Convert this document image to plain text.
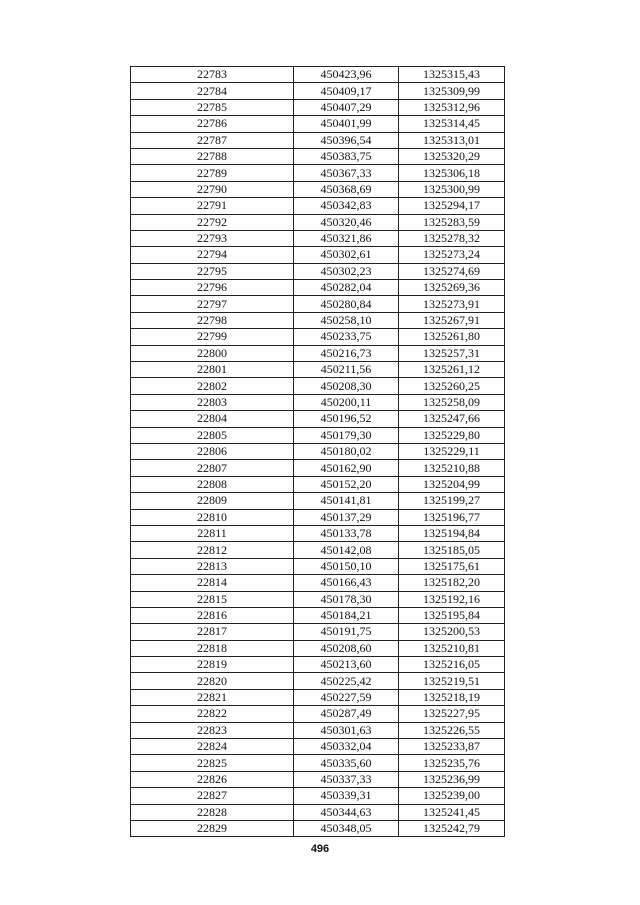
22783	450423,96	1325315,43
22784	450409,17	1325309,99
22785	450407,29	1325312,96
22786	450401,99	1325314,45
22787	450396,54	1325313,01
22788	450383,75	1325320,29
22789	450367,33	1325306,18
22790	450368,69	1325300,99
22791	450342,83	1325294,17
22792	450320,46	1325283,59
22793	450321,86	1325278,32
22794	450302,61	1325273,24
22795	450302,23	1325274,69
22796	450282,04	1325269,36
22797	450280,84	1325273,91
22798	450258,10	1325267,91
22799	450233,75	1325261,80
22800	450216,73	1325257,31
22801	450211,56	1325261,12
22802	450208,30	1325260,25
22803	450200,11	1325258,09
22804	450196,52	1325247,66
22805	450179,30	1325229,80
22806	450180,02	1325229,11
22807	450162,90	1325210,88
22808	450152,20	1325204,99
22809	450141,81	1325199,27
22810	450137,29	1325196,77
22811	450133,78	1325194,84
22812	450142,08	1325185,05
22813	450150,10	1325175,61
22814	450166,43	1325182,20
22815	450178,30	1325192,16
22816	450184,21	1325195,84
22817	450191,75	1325200,53
22818	450208,60	1325210,81
22819	450213,60	1325216,05
22820	450225,42	1325219,51
22821	450227,59	1325218,19
22822	450287,49	1325227,95
22823	450301,63	1325226,55
22824	450332,04	1325233,87
22825	450335,60	1325235,76
22826	450337,33	1325236,99
22827	450339,31	1325239,00
22828	450344,63	1325241,45
22829	450348,05	1325242,79
496
